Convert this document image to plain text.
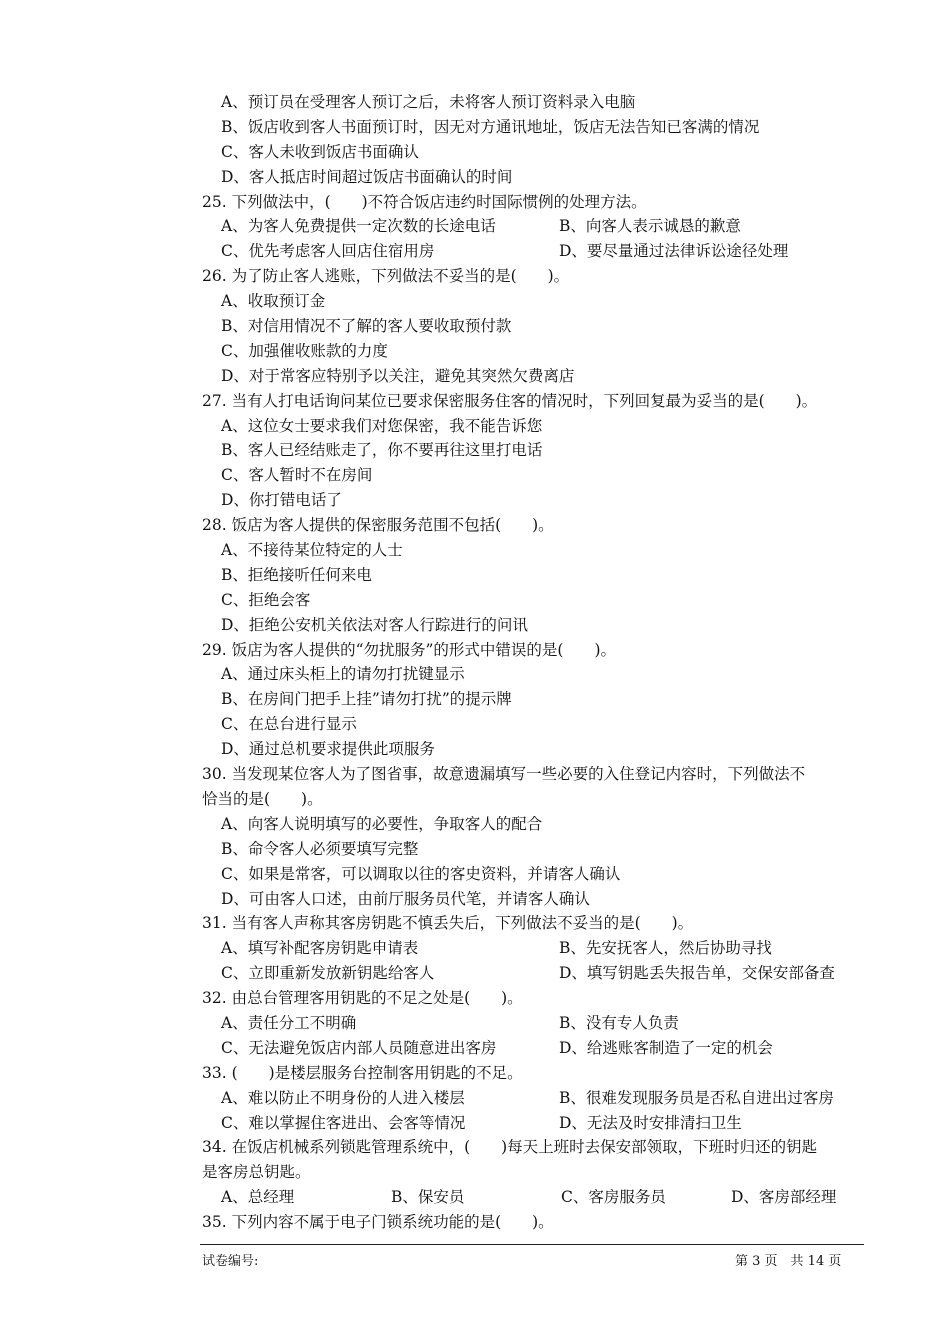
A、预订员在受理客人预订之后，未将客人预订资料录入电脑
B、饭店收到客人书面预订时，因无对方通讯地址，饭店无法告知已客满的情况
C、客人未收到饭店书面确认
D、客人抵店时间超过饭店书面确认的时间
25. 下列做法中，(　　)不符合饭店违约时国际惯例的处理方法。
A、为客人免费提供一定次数的长途电话	B、向客人表示诚恳的歉意
C、优先考虑客人回店住宿用房	D、要尽量通过法律诉讼途径处理
26. 为了防止客人逃账，下列做法不妥当的是(　　)。
A、收取预订金
B、对信用情况不了解的客人要收取预付款
C、加强催收账款的力度
D、对于常客应特别予以关注，避免其突然欠费离店
27. 当有人打电话询问某位已要求保密服务住客的情况时，下列回复最为妥当的是(　　)。
A、这位女士要求我们对您保密，我不能告诉您
B、客人已经结账走了，你不要再往这里打电话
C、客人暂时不在房间
D、你打错电话了
28. 饭店为客人提供的保密服务范围不包括(　　)。
A、不接待某位特定的人士
B、拒绝接听任何来电
C、拒绝会客
D、拒绝公安机关依法对客人行踪进行的问讯
29. 饭店为客人提供的“勿扰服务”的形式中错误的是(　　)。
A、通过床头柜上的请勿打扰键显示
B、在房间门把手上挂”请勿打扰”的提示牌
C、在总台进行显示
D、通过总机要求提供此项服务
30. 当发现某位客人为了图省事，故意遗漏填写一些必要的入住登记内容时，下列做法不
恰当的是(　　)。
A、向客人说明填写的必要性，争取客人的配合
B、命令客人必须要填写完整
C、如果是常客，可以调取以往的客史资料，并请客人确认
D、可由客人口述，由前厅服务员代笔，并请客人确认
31. 当有客人声称其客房钥匙不慎丢失后，下列做法不妥当的是(　　)。
A、填写补配客房钥匙申请表	B、先安抚客人，然后协助寻找
C、立即重新发放新钥匙给客人	D、填写钥匙丢失报告单，交保安部备查
32. 由总台管理客用钥匙的不足之处是(　　)。
A、责任分工不明确	B、没有专人负责
C、无法避免饭店内部人员随意进出客房	D、给逃账客制造了一定的机会
33. (　　)是楼层服务台控制客用钥匙的不足。
A、难以防止不明身份的人进入楼层	B、很难发现服务员是否私自进出过客房
C、难以掌握住客进出、会客等情况	D、无法及时安排清扫卫生
34. 在饭店机械系列锁匙管理系统中，(　　)每天上班时去保安部领取，下班时归还的钥匙
是客房总钥匙。
A、总经理	B、保安员	C、客房服务员	D、客房部经理
35. 下列内容不属于电子门锁系统功能的是(　　)。
试卷编号:	第 3 页　共 14 页
